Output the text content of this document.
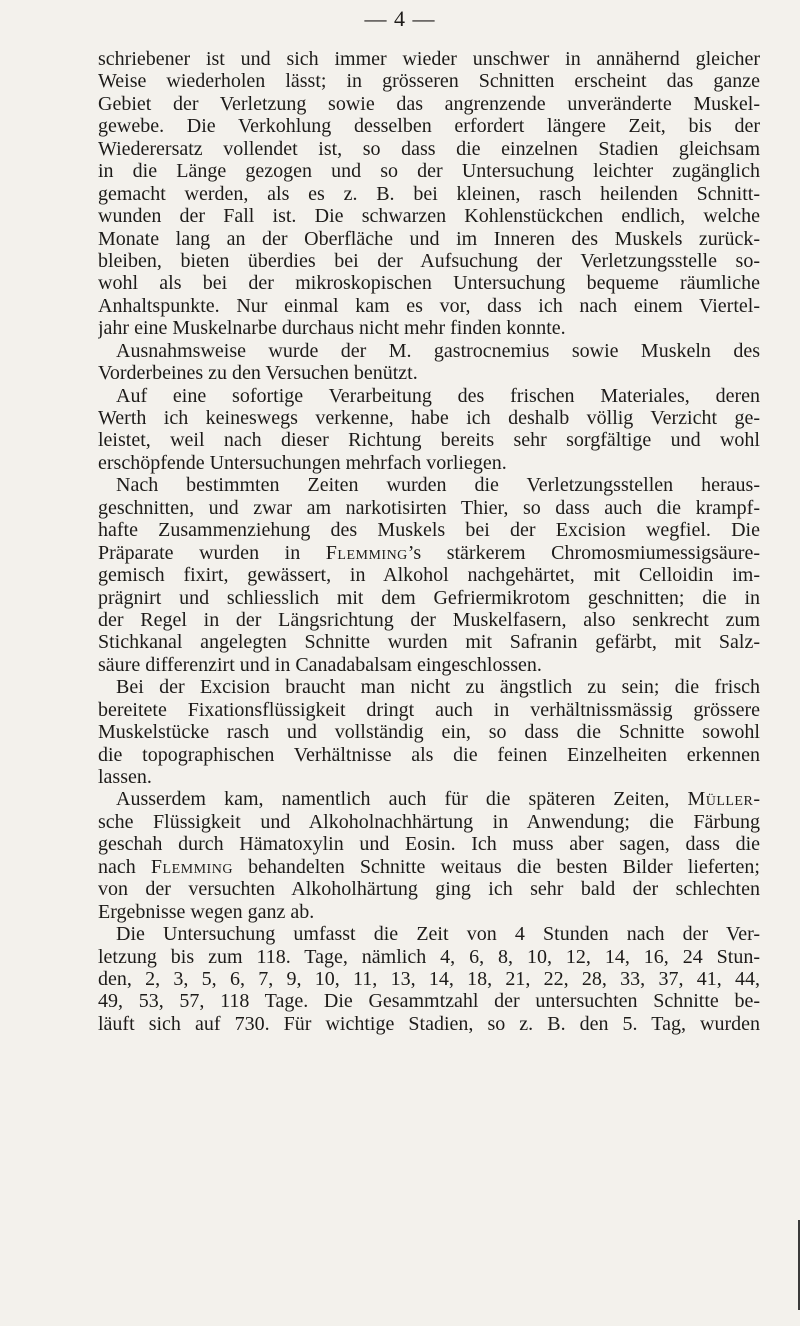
— 4 —
schriebener ist und sich immer wieder unschwer in annähernd gleicher
Weise wiederholen lässt; in grösseren Schnitten erscheint das ganze
Gebiet der Verletzung sowie das angrenzende unveränderte Muskel-
gewebe. Die Verkohlung desselben erfordert längere Zeit, bis der
Wiederersatz vollendet ist, so dass die einzelnen Stadien gleichsam
in die Länge gezogen und so der Untersuchung leichter zugänglich
gemacht werden, als es z. B. bei kleinen, rasch heilenden Schnitt-
wunden der Fall ist. Die schwarzen Kohlenstückchen endlich, welche
Monate lang an der Oberfläche und im Inneren des Muskels zurück-
bleiben, bieten überdies bei der Aufsuchung der Verletzungsstelle so-
wohl als bei der mikroskopischen Untersuchung bequeme räumliche
Anhaltspunkte. Nur einmal kam es vor, dass ich nach einem Viertel-
jahr eine Muskelnarbe durchaus nicht mehr finden konnte.
Ausnahmsweise wurde der M. gastrocnemius sowie Muskeln des
Vorderbeines zu den Versuchen benützt.
Auf eine sofortige Verarbeitung des frischen Materiales, deren
Werth ich keineswegs verkenne, habe ich deshalb völlig Verzicht ge-
leistet, weil nach dieser Richtung bereits sehr sorgfältige und wohl
erschöpfende Untersuchungen mehrfach vorliegen.
Nach bestimmten Zeiten wurden die Verletzungsstellen heraus-
geschnitten, und zwar am narkotisirten Thier, so dass auch die krampf-
hafte Zusammenziehung des Muskels bei der Excision wegfiel. Die
Präparate wurden in Flemming’s stärkerem Chromosmiumessigsäure-
gemisch fixirt, gewässert, in Alkohol nachgehärtet, mit Celloidin im-
prägnirt und schliesslich mit dem Gefriermikrotom geschnitten; die in
der Regel in der Längsrichtung der Muskelfasern, also senkrecht zum
Stichkanal angelegten Schnitte wurden mit Safranin gefärbt, mit Salz-
säure differenzirt und in Canadabalsam eingeschlossen.
Bei der Excision braucht man nicht zu ängstlich zu sein; die frisch
bereitete Fixationsflüssigkeit dringt auch in verhältnissmässig grössere
Muskelstücke rasch und vollständig ein, so dass die Schnitte sowohl
die topographischen Verhältnisse als die feinen Einzelheiten erkennen
lassen.
Ausserdem kam, namentlich auch für die späteren Zeiten, Müller-
sche Flüssigkeit und Alkoholnachhärtung in Anwendung; die Färbung
geschah durch Hämatoxylin und Eosin. Ich muss aber sagen, dass die
nach Flemming behandelten Schnitte weitaus die besten Bilder lieferten;
von der versuchten Alkoholhärtung ging ich sehr bald der schlechten
Ergebnisse wegen ganz ab.
Die Untersuchung umfasst die Zeit von 4 Stunden nach der Ver-
letzung bis zum 118. Tage, nämlich 4, 6, 8, 10, 12, 14, 16, 24 Stun-
den, 2, 3, 5, 6, 7, 9, 10, 11, 13, 14, 18, 21, 22, 28, 33, 37, 41, 44,
49, 53, 57, 118 Tage. Die Gesammtzahl der untersuchten Schnitte be-
läuft sich auf 730. Für wichtige Stadien, so z. B. den 5. Tag, wurden
